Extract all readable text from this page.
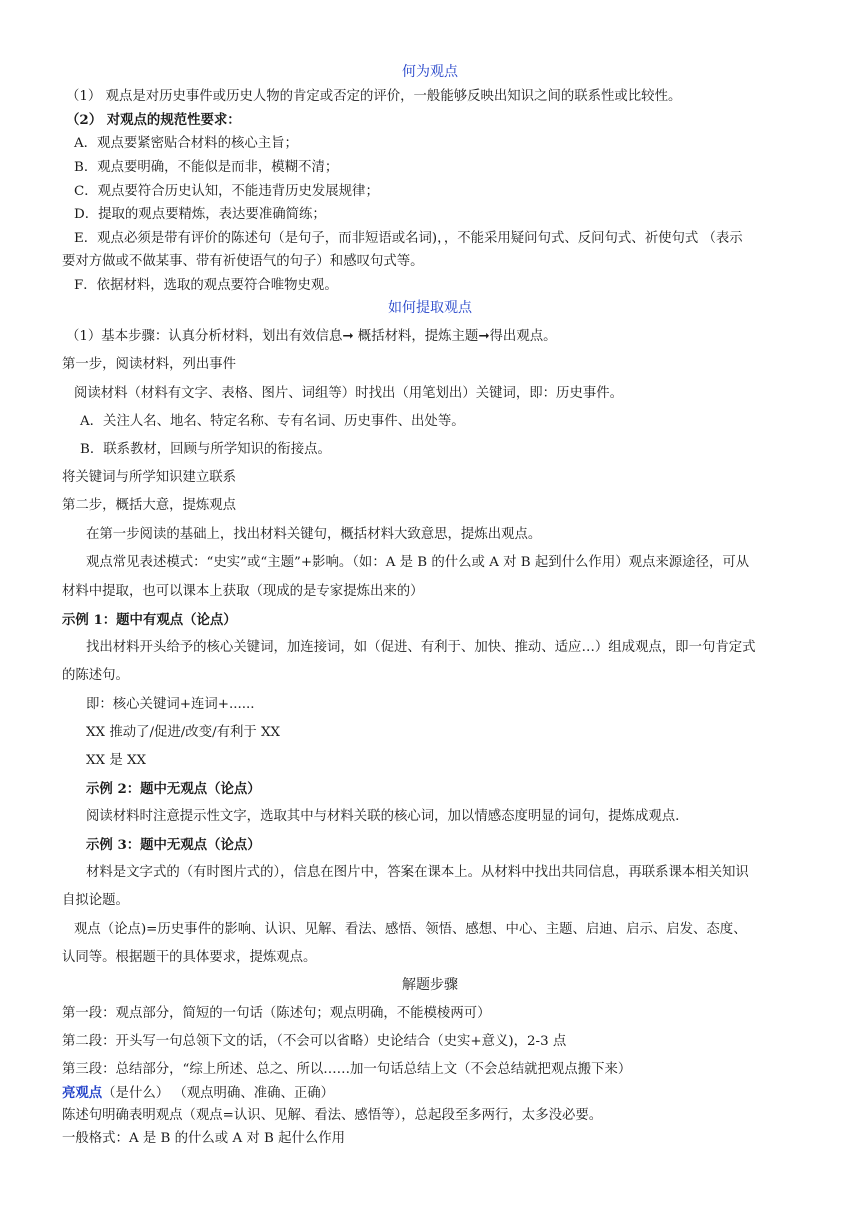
何为观点
（1） 观点是对历史事件或历史人物的肯定或否定的评价，一般能够反映出知识之间的联系性或比较性。
（2） 对观点的规范性要求：
A．观点要紧密贴合材料的核心主旨；
B．观点要明确，不能似是而非，模糊不清；
C．观点要符合历史认知，不能违背历史发展规律；
D．提取的观点要精炼，表达要准确简练；
E．观点必须是带有评价的陈述句（是句子，而非短语或名词)，，不能采用疑问句式、反问句式、祈使句式 （表示
要对方做或不做某事、带有祈使语气的句子）和感叹句式等。
F．依据材料，选取的观点要符合唯物史观。
如何提取观点
（1）基本步骤：认真分析材料，划出有效信息➞ 概括材料，提炼主题➞得出观点。
第一步，阅读材料，列出事件
阅读材料（材料有文字、表格、图片、词组等）时找出（用笔划出）关键词，即：历史事件。
A．关注人名、地名、特定名称、专有名词、历史事件、出处等。
B．联系教材，回顾与所学知识的衔接点。
将关键词与所学知识建立联系
第二步，概括大意，提炼观点
在第一步阅读的基础上，找出材料关键句，概括材料大致意思，提炼出观点。
观点常见表述模式：“史实”或“主题”+影响。（如：A 是 B 的什么或 A 对 B 起到什么作用）观点来源途径，可从
材料中提取，也可以课本上获取（现成的是专家提炼出来的）
示例 1：题中有观点（论点）
找出材料开头给予的核心关键词，加连接词，如（促进、有利于、加快、推动、适应…）组成观点，即一句肯定式
的陈述句。
即：核心关键词+连词+......
XX 推动了/促进/改变/有利于 XX
XX 是 XX
示例 2：题中无观点（论点）
阅读材料时注意提示性文字，选取其中与材料关联的核心词，加以情感态度明显的词句，提炼成观点.
示例 3：题中无观点（论点）
材料是文字式的（有时图片式的），信息在图片中，答案在课本上。从材料中找出共同信息，再联系课本相关知识
自拟论题。
观点（论点)=历史事件的影响、认识、见解、看法、感悟、领悟、感想、中心、主题、启迪、启示、启发、态度、
认同等。根据题干的具体要求，提炼观点。
解题步骤
第一段：观点部分，简短的一句话（陈述句；观点明确，不能模棱两可）
第二段：开头写一句总领下文的话，（不会可以省略）史论结合（史实+意义)，2-3 点
第三段：总结部分，“综上所述、总之、所以……加一句话总结上文（不会总结就把观点搬下来）
亮观点（是什么） （观点明确、准确、正确）
陈述句明确表明观点（观点=认识、见解、看法、感悟等），总起段至多两行，太多没必要。
一般格式：A 是 B 的什么或 A 对 B 起什么作用
